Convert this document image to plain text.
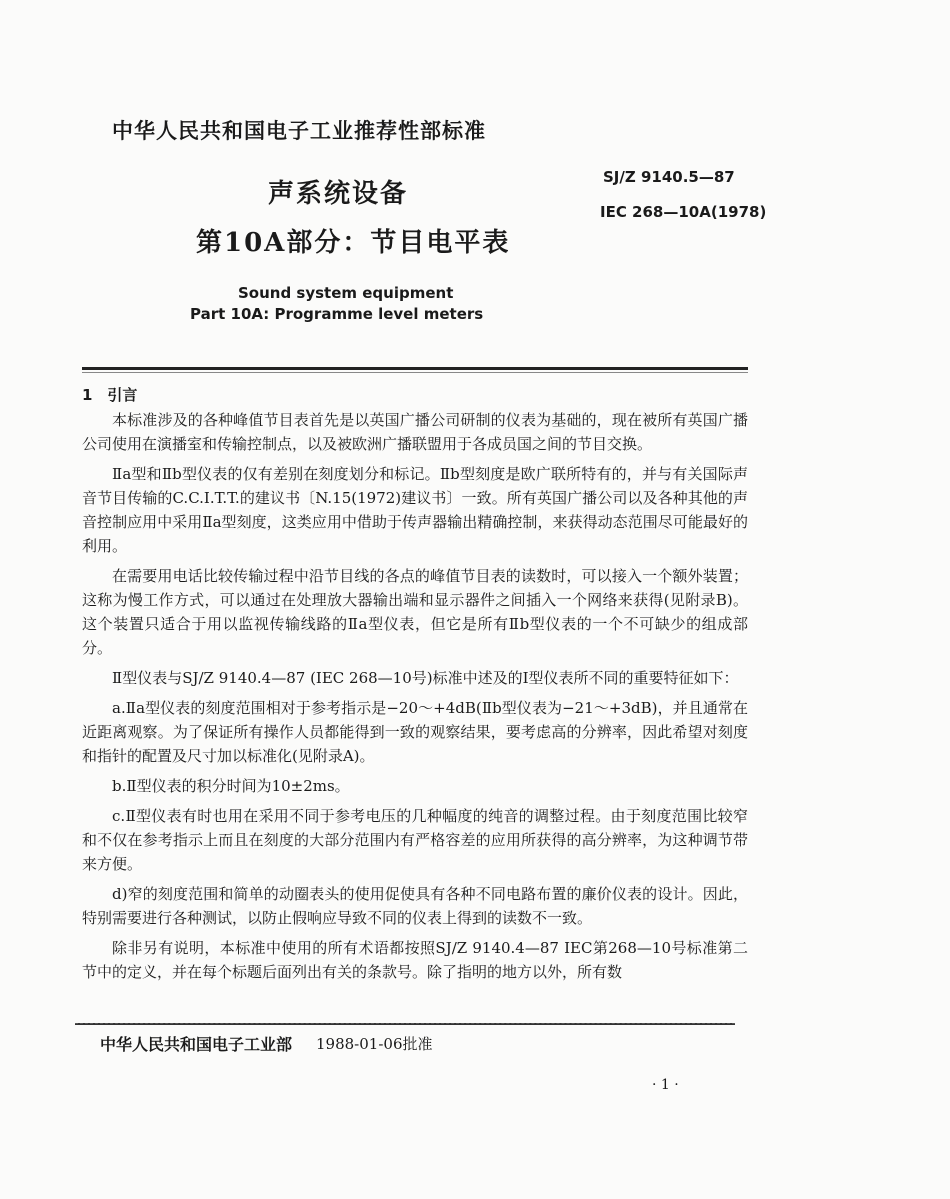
中华人民共和国电子工业推荐性部标准
SJ/Z 9140.5—87
IEC 268—10A(1978)
声系统设备
第10A部分：节目电平表
Sound system equipment
Part 10A: Programme level meters
1　引言

本标准涉及的各种峰值节目表首先是以英国广播公司研制的仪表为基础的，现在被所有英国广播公司使用在演播室和传输控制点，以及被欧洲广播联盟用于各成员国之间的节目交换。

Ⅱa型和Ⅱb型仪表的仅有差别在刻度划分和标记。Ⅱb型刻度是欧广联所特有的，并与有关国际声音节目传输的C.C.I.T.T.的建议书〔N.15(1972)建议书〕一致。所有英国广播公司以及各种其他的声音控制应用中采用Ⅱa型刻度，这类应用中借助于传声器输出精确控制，来获得动态范围尽可能最好的利用。

在需要用电话比较传输过程中沿节目线的各点的峰值节目表的读数时，可以接入一个额外装置；这称为慢工作方式，可以通过在处理放大器输出端和显示器件之间插入一个网络来获得(见附录B)。这个装置只适合于用以监视传输线路的Ⅱa型仪表，但它是所有Ⅱb型仪表的一个不可缺少的组成部分。

Ⅱ型仪表与SJ/Z 9140.4—87 (IEC 268—10号)标准中述及的Ⅰ型仪表所不同的重要特征如下：

a.Ⅱa型仪表的刻度范围相对于参考指示是−20～+4dB(Ⅱb型仪表为−21～+3dB)，并且通常在近距离观察。为了保证所有操作人员都能得到一致的观察结果，要考虑高的分辨率，因此希望对刻度和指针的配置及尺寸加以标准化(见附录A)。

b.Ⅱ型仪表的积分时间为10±2ms。

c.Ⅱ型仪表有时也用在采用不同于参考电压的几种幅度的纯音的调整过程。由于刻度范围比较窄和不仅在参考指示上而且在刻度的大部分范围内有严格容差的应用所获得的高分辨率，为这种调节带来方便。

d)窄的刻度范围和简单的动圈表头的使用促使具有各种不同电路布置的廉价仪表的设计。因此，特别需要进行各种测试，以防止假响应导致不同的仪表上得到的读数不一致。

除非另有说明，本标准中使用的所有术语都按照SJ/Z 9140.4—87 IEC第268—10号标准第二节中的定义，并在每个标题后面列出有关的条款号。除了指明的地方以外，所有数

中华人民共和国电子工业部 1988-01-06批准
· 1 ·
